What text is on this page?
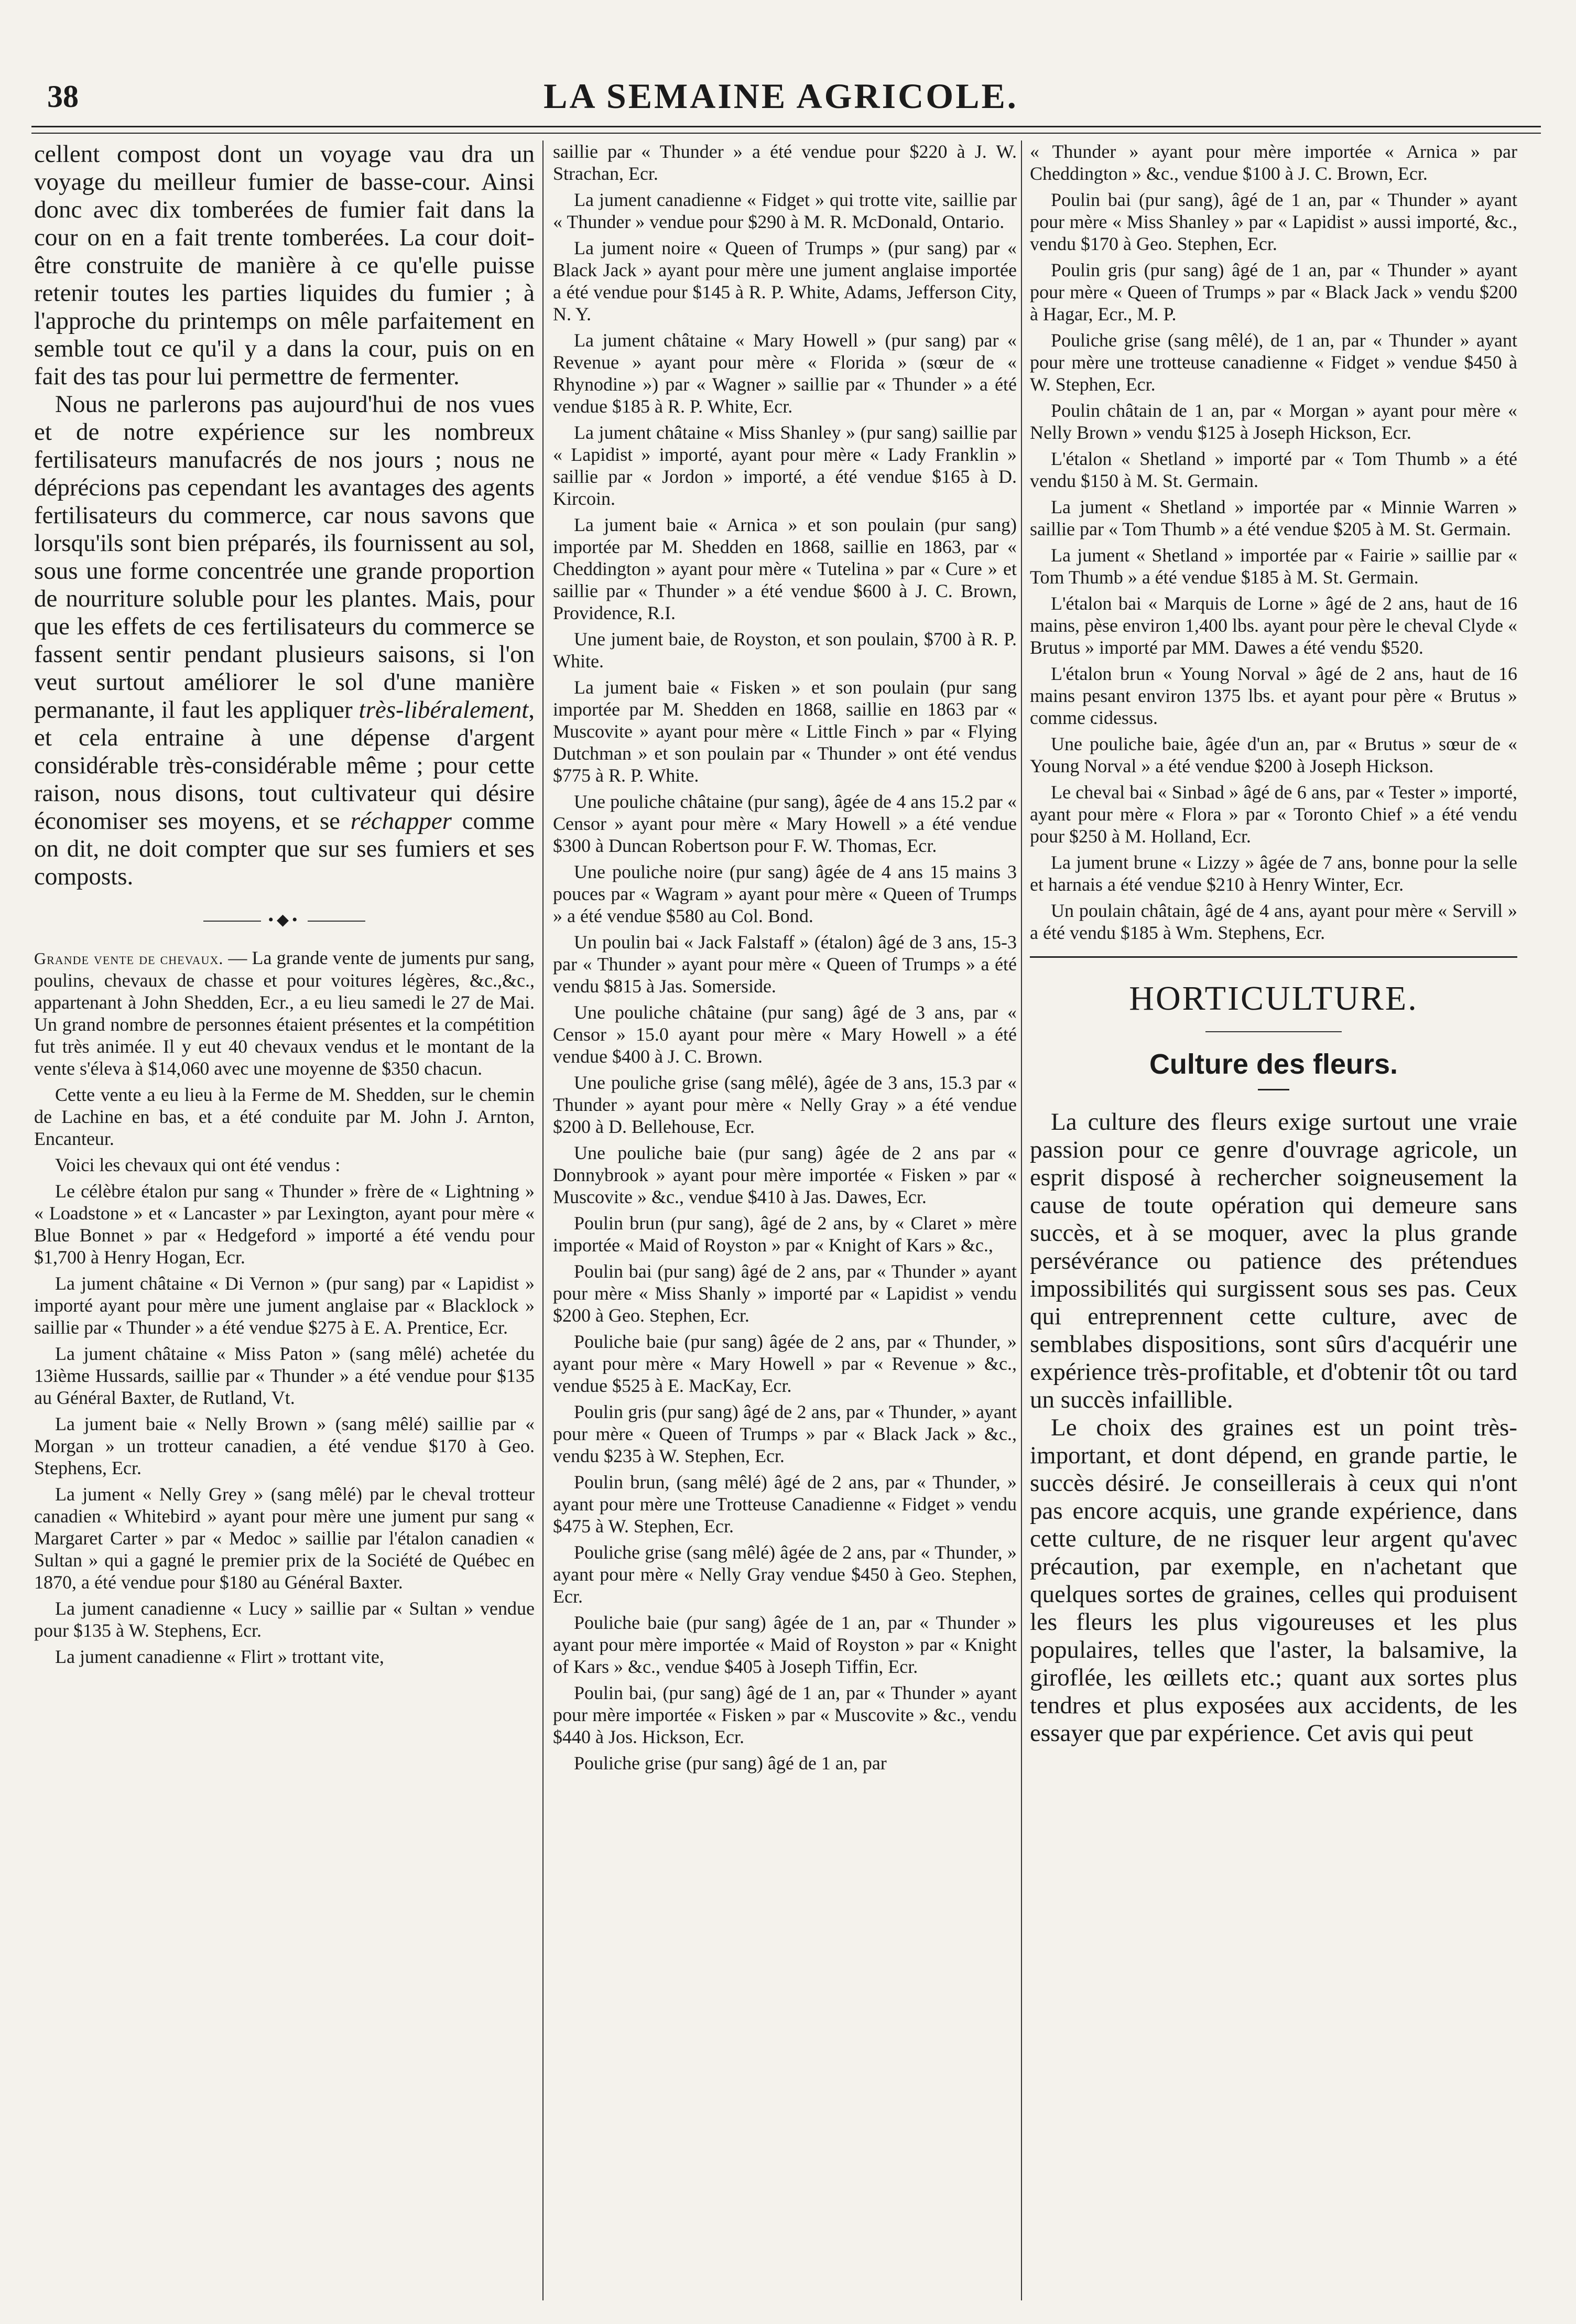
38	LA SEMAINE AGRICOLE.

cellent compost dont un voyage vau dra un voyage du meilleur fumier de basse-cour. Ainsi donc avec dix tomberées de fumier fait dans la cour on en a fait trente tomberées. La cour doit-être construite de manière à ce qu'elle puisse retenir toutes les parties liquides du fumier ; à l'approche du printemps on mêle parfaitement en semble tout ce qu'il y a dans la cour, puis on en fait des tas pour lui permettre de fermenter.

Nous ne parlerons pas aujourd'hui de nos vues et de notre expérience sur les nombreux fertilisateurs manufacrés de nos jours ; nous ne déprécions pas cependant les avantages des agents fertilisateurs du commerce, car nous savons que lorsqu'ils sont bien préparés, ils fournissent au sol, sous une forme concentrée une grande proportion de nourriture soluble pour les plantes. Mais, pour que les effets de ces fertilisateurs du commerce se fassent sentir pendant plusieurs saisons, si l'on veut surtout améliorer le sol d'une manière permanante, il faut les appliquer très-libéralement, et cela entraine à une dépense d'argent considérable très-considérable même ; pour cette raison, nous disons, tout cultivateur qui désire économiser ses moyens, et se réchapper comme on dit, ne doit compter que sur ses fumiers et ses composts.

•◆•

Grande vente de chevaux. — La grande vente de juments pur sang, poulins, chevaux de chasse et pour voitures légères, &c.,&c., appartenant à John Shedden, Ecr., a eu lieu samedi le 27 de Mai. Un grand nombre de personnes étaient présentes et la compétition fut très animée. Il y eut 40 chevaux vendus et le montant de la vente s'éleva à $14,060 avec une moyenne de $350 chacun.

Cette vente a eu lieu à la Ferme de M. Shedden, sur le chemin de Lachine en bas, et a été conduite par M. John J. Arnton, Encanteur.

Voici les chevaux qui ont été vendus :

Le célèbre étalon pur sang « Thunder » frère de « Lightning » « Loadstone » et « Lancaster » par Lexington, ayant pour mère « Blue Bonnet » par « Hedgeford » importé a été vendu pour $1,700 à Henry Hogan, Ecr.

La jument châtaine « Di Vernon » (pur sang) par « Lapidist » importé ayant pour mère une jument anglaise par « Blacklock » saillie par « Thunder » a été vendue $275 à E. A. Prentice, Ecr.

La jument châtaine « Miss Paton » (sang mêlé) achetée du 13ième Hussards, saillie par « Thunder » a été vendue pour $135 au Général Baxter, de Rutland, Vt.

La jument baie « Nelly Brown » (sang mêlé) saillie par « Morgan » un trotteur canadien, a été vendue $170 à Geo. Stephens, Ecr.

La jument « Nelly Grey » (sang mêlé) par le cheval trotteur canadien « Whitebird » ayant pour mère une jument pur sang « Margaret Carter » par « Medoc » saillie par l'étalon canadien « Sultan » qui a gagné le premier prix de la Société de Québec en 1870, a été vendue pour $180 au Général Baxter.

La jument canadienne « Lucy » saillie par « Sultan » vendue pour $135 à W. Stephens, Ecr.

La jument canadienne « Flirt » trottant vite,

saillie par « Thunder » a été vendue pour $220 à J. W. Strachan, Ecr.

La jument canadienne « Fidget » qui trotte vite, saillie par « Thunder » vendue pour $290 à M. R. McDonald, Ontario.

La jument noire « Queen of Trumps » (pur sang) par « Black Jack » ayant pour mère une jument anglaise importée a été vendue pour $145 à R. P. White, Adams, Jefferson City, N. Y.

La jument châtaine « Mary Howell » (pur sang) par « Revenue » ayant pour mère « Florida » (sœur de « Rhynodine ») par « Wagner » saillie par « Thunder » a été vendue $185 à R. P. White, Ecr.

La jument châtaine « Miss Shanley » (pur sang) saillie par « Lapidist » importé, ayant pour mère « Lady Franklin » saillie par « Jordon » importé, a été vendue $165 à D. Kircoin.

La jument baie « Arnica » et son poulain (pur sang) importée par M. Shedden en 1868, saillie en 1863, par « Cheddington » ayant pour mère « Tutelina » par « Cure » et saillie par « Thunder » a été vendue $600 à J. C. Brown, Providence, R.I.

Une jument baie, de Royston, et son poulain, $700 à R. P. White.

La jument baie « Fisken » et son poulain (pur sang importée par M. Shedden en 1868, saillie en 1863 par « Muscovite » ayant pour mère « Little Finch » par « Flying Dutchman » et son poulain par « Thunder » ont été vendus $775 à R. P. White.

Une pouliche châtaine (pur sang), âgée de 4 ans 15.2 par « Censor » ayant pour mère « Mary Howell » a été vendue $300 à Duncan Robertson pour F. W. Thomas, Ecr.

Une pouliche noire (pur sang) âgée de 4 ans 15 mains 3 pouces par « Wagram » ayant pour mère « Queen of Trumps » a été vendue $580 au Col. Bond.

Un poulin bai « Jack Falstaff » (étalon) âgé de 3 ans, 15-3 par « Thunder » ayant pour mère « Queen of Trumps » a été vendu $815 à Jas. Somerside.

Une pouliche châtaine (pur sang) âgé de 3 ans, par « Censor » 15.0 ayant pour mère « Mary Howell » a été vendue $400 à J. C. Brown.

Une pouliche grise (sang mêlé), âgée de 3 ans, 15.3 par « Thunder » ayant pour mère « Nelly Gray » a été vendue $200 à D. Bellehouse, Ecr.

Une pouliche baie (pur sang) âgée de 2 ans par « Donnybrook » ayant pour mère importée « Fisken » par « Muscovite » &c., vendue $410 à Jas. Dawes, Ecr.

Poulin brun (pur sang), âgé de 2 ans, by « Claret » mère importée « Maid of Royston » par « Knight of Kars » &c.,

Poulin bai (pur sang) âgé de 2 ans, par « Thunder » ayant pour mère « Miss Shanly » importé par « Lapidist » vendu $200 à Geo. Stephen, Ecr.

Pouliche baie (pur sang) âgée de 2 ans, par « Thunder, » ayant pour mère « Mary Howell » par « Revenue » &c., vendue $525 à E. MacKay, Ecr.

Poulin gris (pur sang) âgé de 2 ans, par « Thunder, » ayant pour mère « Queen of Trumps » par « Black Jack » &c., vendu $235 à W. Stephen, Ecr.

Poulin brun, (sang mêlé) âgé de 2 ans, par « Thunder, » ayant pour mère une Trotteuse Canadienne « Fidget » vendu $475 à W. Stephen, Ecr.

Pouliche grise (sang mêlé) âgée de 2 ans, par « Thunder, » ayant pour mère « Nelly Gray vendue $450 à Geo. Stephen, Ecr.

Pouliche baie (pur sang) âgée de 1 an, par « Thunder » ayant pour mère importée « Maid of Royston » par « Knight of Kars » &c., vendue $405 à Joseph Tiffin, Ecr.

Poulin bai, (pur sang) âgé de 1 an, par « Thunder » ayant pour mère importée « Fisken » par « Muscovite » &c., vendu $440 à Jos. Hickson, Ecr.

Pouliche grise (pur sang) âgé de 1 an, par

« Thunder » ayant pour mère importée « Arnica » par Cheddington » &c., vendue $100 à J. C. Brown, Ecr.

Poulin bai (pur sang), âgé de 1 an, par « Thunder » ayant pour mère « Miss Shanley » par « Lapidist » aussi importé, &c., vendu $170 à Geo. Stephen, Ecr.

Poulin gris (pur sang) âgé de 1 an, par « Thunder » ayant pour mère « Queen of Trumps » par « Black Jack » vendu $200 à Hagar, Ecr., M. P.

Pouliche grise (sang mêlé), de 1 an, par « Thunder » ayant pour mère une trotteuse canadienne « Fidget » vendue $450 à W. Stephen, Ecr.

Poulin châtain de 1 an, par « Morgan » ayant pour mère « Nelly Brown » vendu $125 à Joseph Hickson, Ecr.

L'étalon « Shetland » importé par « Tom Thumb » a été vendu $150 à M. St. Germain.

La jument « Shetland » importée par « Minnie Warren » saillie par « Tom Thumb » a été vendue $205 à M. St. Germain.

La jument « Shetland » importée par « Fairie » saillie par « Tom Thumb » a été vendue $185 à M. St. Germain.

L'étalon bai « Marquis de Lorne » âgé de 2 ans, haut de 16 mains, pèse environ 1,400 lbs. ayant pour père le cheval Clyde « Brutus » importé par MM. Dawes a été vendu $520.

L'étalon brun « Young Norval » âgé de 2 ans, haut de 16 mains pesant environ 1375 lbs. et ayant pour père « Brutus » comme cidessus.

Une pouliche baie, âgée d'un an, par « Brutus » sœur de « Young Norval » a été vendue $200 à Joseph Hickson.

Le cheval bai « Sinbad » âgé de 6 ans, par « Tester » importé, ayant pour mère « Flora » par « Toronto Chief » a été vendu pour $250 à M. Holland, Ecr.

La jument brune « Lizzy » âgée de 7 ans, bonne pour la selle et harnais a été vendue $210 à Henry Winter, Ecr.

Un poulain châtain, âgé de 4 ans, ayant pour mère « Servill » a été vendu $185 à Wm. Stephens, Ecr.

HORTICULTURE.
Culture des fleurs.

La culture des fleurs exige surtout une vraie passion pour ce genre d'ouvrage agricole, un esprit disposé à rechercher soigneusement la cause de toute opération qui demeure sans succès, et à se moquer, avec la plus grande persévérance ou patience des prétendues impossibilités qui surgissent sous ses pas. Ceux qui entreprennent cette culture, avec de semblabes dispositions, sont sûrs d'acquérir une expérience très-profitable, et d'obtenir tôt ou tard un succès infaillible.

Le choix des graines est un point très-important, et dont dépend, en grande partie, le succès désiré. Je conseillerais à ceux qui n'ont pas encore acquis, une grande expérience, dans cette culture, de ne risquer leur argent qu'avec précaution, par exemple, en n'achetant que quelques sortes de graines, celles qui produisent les fleurs les plus vigoureuses et les plus populaires, telles que l'aster, la balsamive, la giroflée, les œillets etc.; quant aux sortes plus tendres et plus exposées aux accidents, de les essayer que par expérience. Cet avis qui peut
